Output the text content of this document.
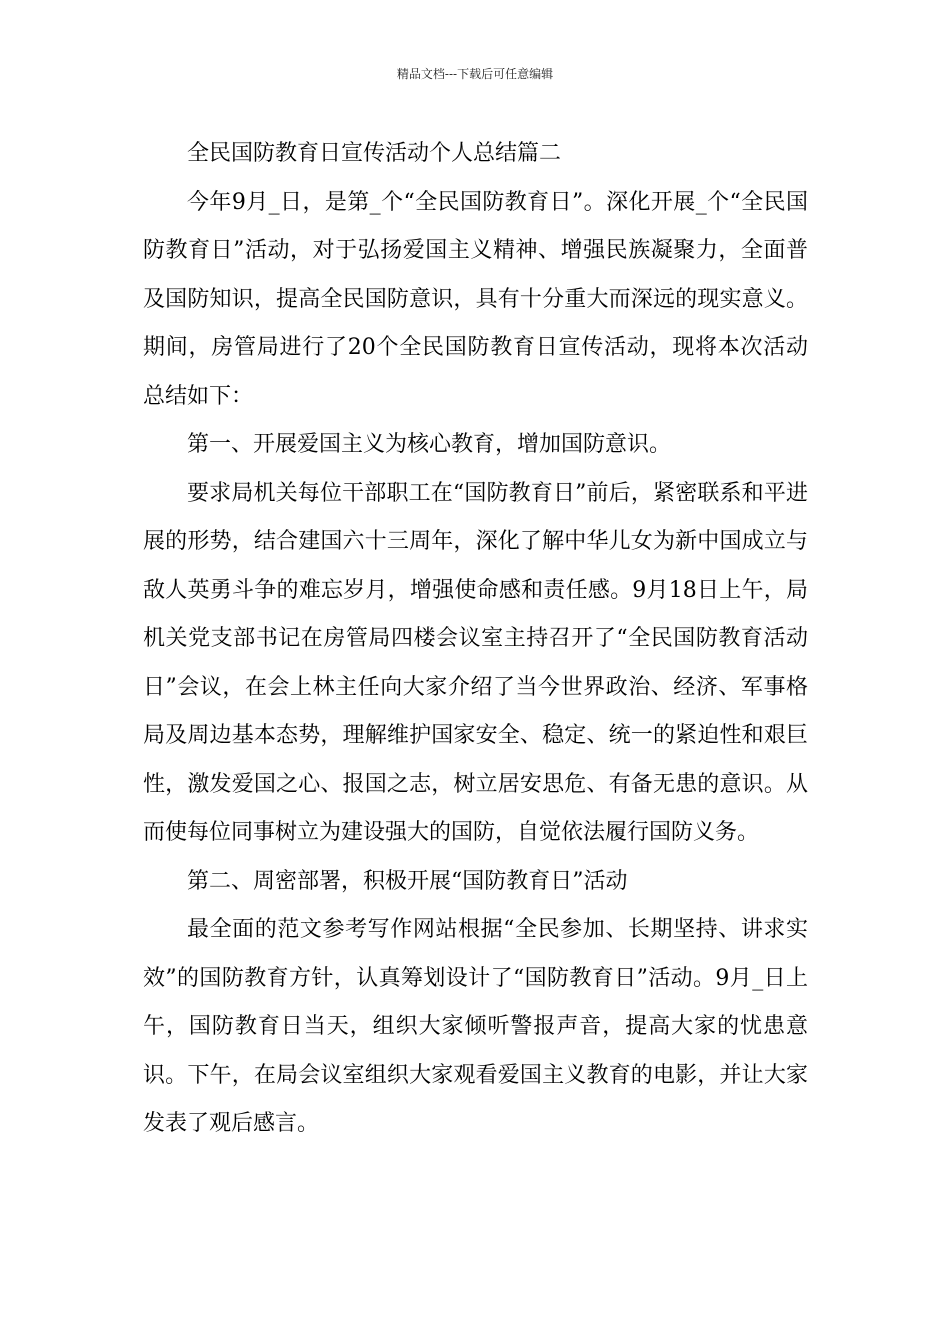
精品文档---下载后可任意编辑

全民国防教育日宣传活动个人总结篇二

今年9月_日，是第_个“全民国防教育日”。深化开展_个“全民国防教育日”活动，对于弘扬爱国主义精神、增强民族凝聚力，全面普及国防知识，提高全民国防意识，具有十分重大而深远的现实意义。期间，房管局进行了20个全民国防教育日宣传活动，现将本次活动总结如下：

第一、开展爱国主义为核心教育，增加国防意识。

要求局机关每位干部职工在“国防教育日”前后，紧密联系和平进展的形势，结合建国六十三周年，深化了解中华儿女为新中国成立与敌人英勇斗争的难忘岁月，增强使命感和责任感。9月18日上午，局机关党支部书记在房管局四楼会议室主持召开了“全民国防教育活动日”会议，在会上林主任向大家介绍了当今世界政治、经济、军事格局及周边基本态势，理解维护国家安全、稳定、统一的紧迫性和艰巨性，激发爱国之心、报国之志，树立居安思危、有备无患的意识。从而使每位同事树立为建设强大的国防，自觉依法履行国防义务。

第二、周密部署，积极开展“国防教育日”活动

最全面的范文参考写作网站根据“全民参加、长期坚持、讲求实效”的国防教育方针，认真筹划设计了“国防教育日”活动。9月_日上午，国防教育日当天，组织大家倾听警报声音，提高大家的忧患意识。下午，在局会议室组织大家观看爱国主义教育的电影，并让大家发表了观后感言。
